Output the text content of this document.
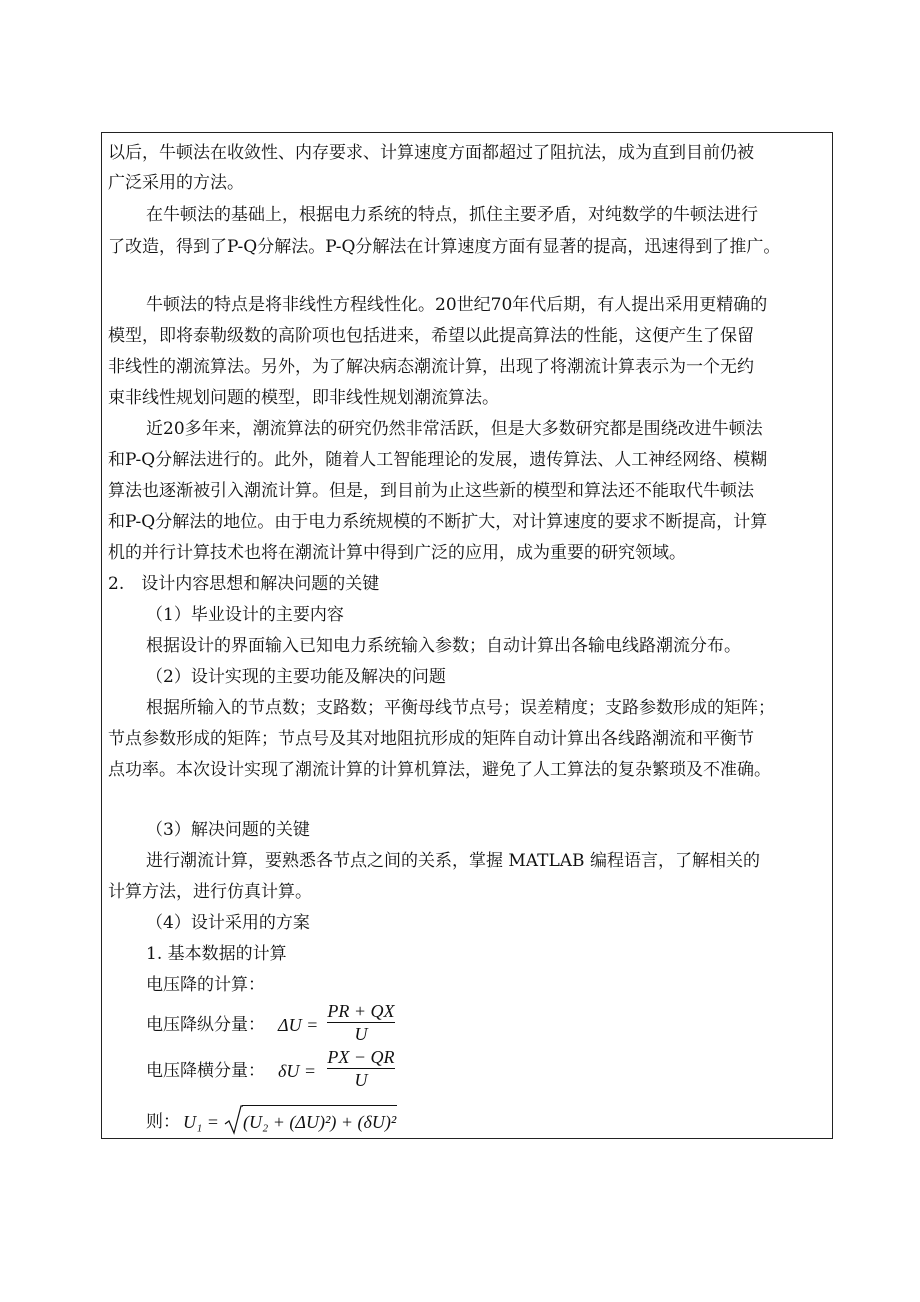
以后，牛顿法在收敛性、内存要求、计算速度方面都超过了阻抗法，成为直到目前仍被
广泛采用的方法。
在牛顿法的基础上，根据电力系统的特点，抓住主要矛盾，对纯数学的牛顿法进行
了改造，得到了P-Q分解法。P-Q分解法在计算速度方面有显著的提高，迅速得到了推广。
牛顿法的特点是将非线性方程线性化。20世纪70年代后期，有人提出采用更精确的
模型，即将泰勒级数的高阶项也包括进来，希望以此提高算法的性能，这便产生了保留
非线性的潮流算法。另外，为了解决病态潮流计算，出现了将潮流计算表示为一个无约
束非线性规划问题的模型，即非线性规划潮流算法。
近20多年来，潮流算法的研究仍然非常活跃，但是大多数研究都是围绕改进牛顿法
和P-Q分解法进行的。此外，随着人工智能理论的发展，遗传算法、人工神经网络、模糊
算法也逐渐被引入潮流计算。但是，到目前为止这些新的模型和算法还不能取代牛顿法
和P-Q分解法的地位。由于电力系统规模的不断扩大，对计算速度的要求不断提高，计算
机的并行计算技术也将在潮流计算中得到广泛的应用，成为重要的研究领域。
2.　设计内容思想和解决问题的关键
（1）毕业设计的主要内容
根据设计的界面输入已知电力系统输入参数；自动计算出各输电线路潮流分布。
（2）设计实现的主要功能及解决的问题
根据所输入的节点数；支路数；平衡母线节点号；误差精度；支路参数形成的矩阵；
节点参数形成的矩阵；节点号及其对地阻抗形成的矩阵自动计算出各线路潮流和平衡节
点功率。本次设计实现了潮流计算的计算机算法，避免了人工算法的复杂繁琐及不准确。
（3）解决问题的关键
进行潮流计算，要熟悉各节点之间的关系，掌握 MATLAB 编程语言，了解相关的
计算方法，进行仿真计算。
（4）设计采用的方案
1. 基本数据的计算
电压降的计算：
电压降纵分量： ΔU =
PR + QX
U
电压降横分量： δU =
PX − QR
U
则： U₁ = (U₂ + (ΔU)²) + (δU)²
